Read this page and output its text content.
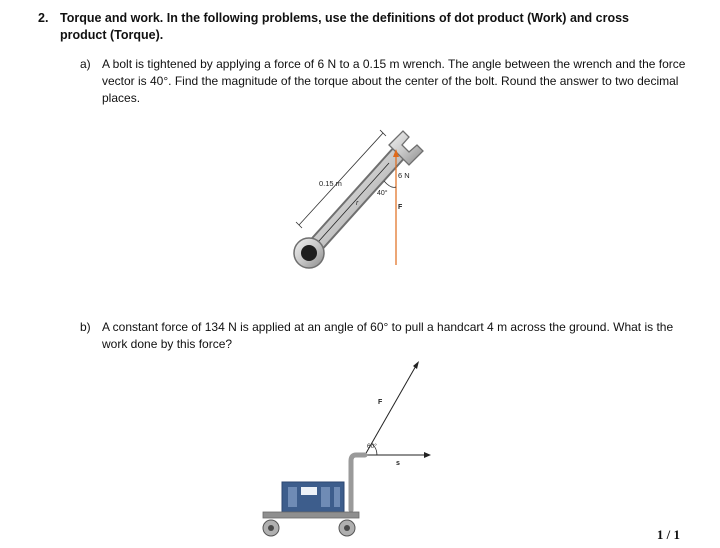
2. Torque and work. In the following problems, use the definitions of dot product (Work) and cross product (Torque).
a) A bolt is tightened by applying a force of 6 N to a 0.15 m wrench. The angle between the wrench and the force vector is 40°. Find the magnitude of the torque about the center of the bolt. Round the answer to two decimal places.
0.15 m
6 N
40°
F
r
b) A constant force of 134 N is applied at an angle of 60° to pull a handcart 4 m across the ground. What is the work done by this force?
F
60°
s
1 / 1
